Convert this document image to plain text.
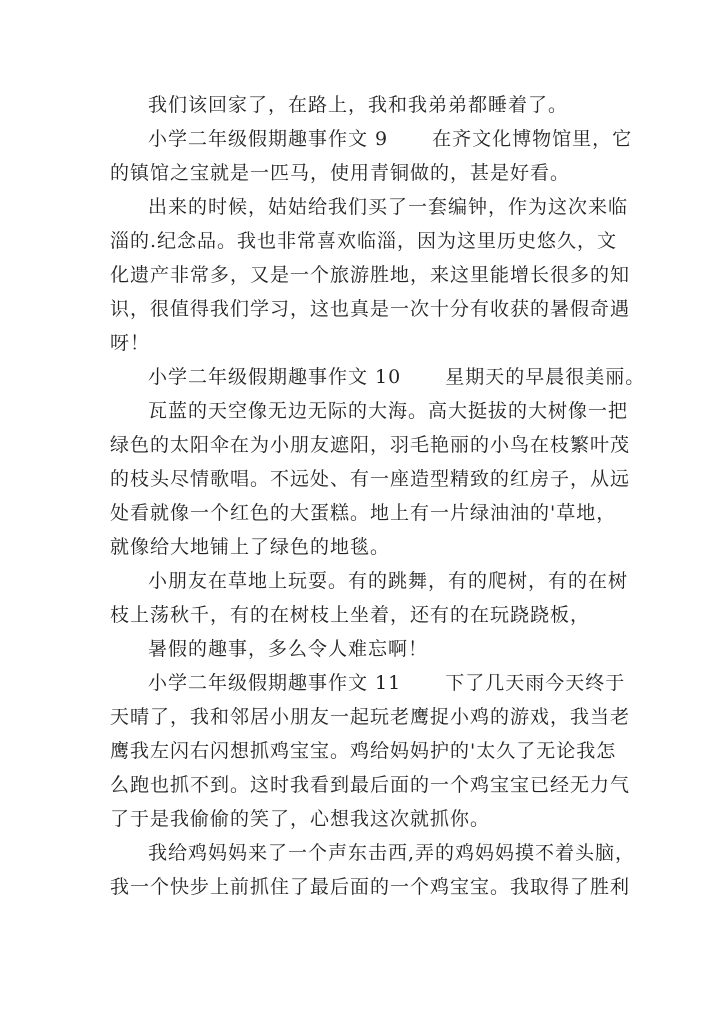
我们该回家了，在路上，我和我弟弟都睡着了。
小学二年级假期趣事作文 9 在齐文化博物馆里，它
的镇馆之宝就是一匹马，使用青铜做的，甚是好看。
出来的时候，姑姑给我们买了一套编钟，作为这次来临
淄的.纪念品。我也非常喜欢临淄，因为这里历史悠久，文
化遗产非常多，又是一个旅游胜地，来这里能增长很多的知
识，很值得我们学习，这也真是一次十分有收获的暑假奇遇
呀！
小学二年级假期趣事作文 10 星期天的早晨很美丽。
瓦蓝的天空像无边无际的大海。高大挺拔的大树像一把
绿色的太阳伞在为小朋友遮阳，羽毛艳丽的小鸟在枝繁叶茂
的枝头尽情歌唱。不远处、有一座造型精致的红房子，从远
处看就像一个红色的大蛋糕。地上有一片绿油油的'草地，
就像给大地铺上了绿色的地毯。
小朋友在草地上玩耍。有的跳舞，有的爬树，有的在树
枝上荡秋千，有的在树枝上坐着，还有的在玩跷跷板，
暑假的趣事，多么令人难忘啊！
小学二年级假期趣事作文 11 下了几天雨今天终于
天晴了，我和邻居小朋友一起玩老鹰捉小鸡的游戏，我当老
鹰我左闪右闪想抓鸡宝宝。鸡给妈妈护的'太久了无论我怎
么跑也抓不到。这时我看到最后面的一个鸡宝宝已经无力气
了于是我偷偷的笑了，心想我这次就抓你。
我给鸡妈妈来了一个声东击西,弄的鸡妈妈摸不着头脑，
我一个快步上前抓住了最后面的一个鸡宝宝。我取得了胜利
